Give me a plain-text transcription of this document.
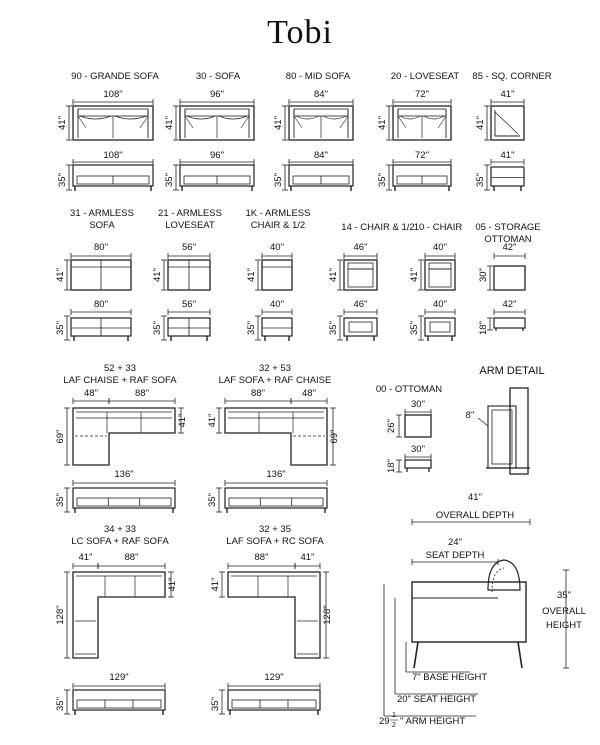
Tobi
90 - GRANDE SOFA
108"
41"
108"
35"
30 - SOFA
96"
41"
96"
35"
80 - MID SOFA
84"
41"
84"
35"
20 - LOVESEAT
72"
41"
72"
35"
85 - SQ. CORNER
41"
41"
41"
35"
31 - ARMLESS
SOFA
80"
41"
80"
35"
21 - ARMLESS
LOVESEAT
56"
41"
56"
35"
1K - ARMLESS
CHAIR & 1/2
40"
41"
40"
35"
14 - CHAIR & 1/2
46"
41"
46"
35"
10 - CHAIR
40"
41"
40"
35"
05 - STORAGE
OTTOMAN
42"
30"
42"
18"
52 + 33
LAF CHAISE + RAF SOFA
48"	88"
69"
41"
136"
35"
32 + 53
LAF SOFA + RAF CHAISE
88"	48"
41"
69"
136"
35"
34 + 33
LC SOFA + RAF SOFA
41"	88"
128"
41"
129"
35"
32 + 35
LAF SOFA + RC SOFA
88"	41"
41"
128"
129"
35"
00 - OTTOMAN
30"
26"
30"
18"
ARM DETAIL
8"
41"
OVERALL DEPTH
24"
SEAT DEPTH
35"
OVERALL
HEIGHT
7" BASE HEIGHT
20" SEAT HEIGHT
29
1
2 " ARM HEIGHT
